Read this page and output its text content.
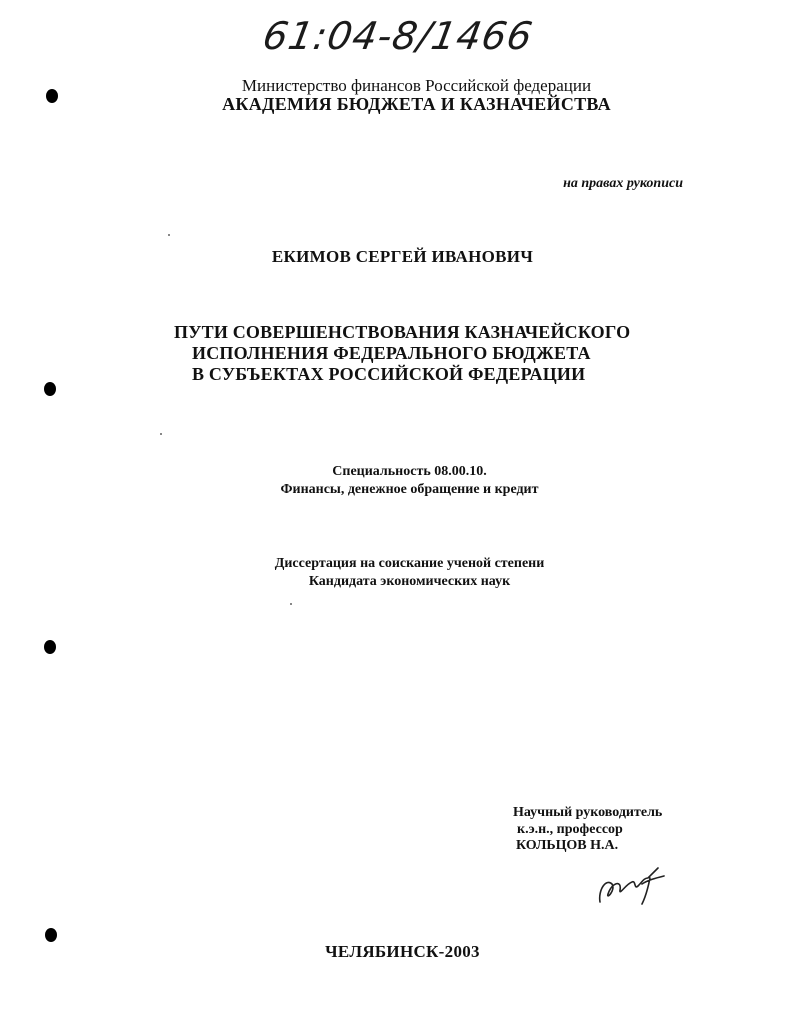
61:04-8/1466
Министерство финансов Российской федерации
АКАДЕМИЯ БЮДЖЕТА И КАЗНАЧЕЙСТВА
на правах рукописи
ЕКИМОВ СЕРГЕЙ ИВАНОВИЧ
ПУТИ СОВЕРШЕНСТВОВАНИЯ КАЗНАЧЕЙСКОГО
ИСПОЛНЕНИЯ ФЕДЕРАЛЬНОГО БЮДЖЕТА
В СУБЪЕКТАХ РОССИЙСКОЙ ФЕДЕРАЦИИ
Специальность 08.00.10.
Финансы, денежное обращение и кредит
Диссертация на соискание ученой степени
Кандидата экономических наук
Научный руководитель
к.э.н., профессор
КОЛЬЦОВ Н.А.
ЧЕЛЯБИНСК-2003
